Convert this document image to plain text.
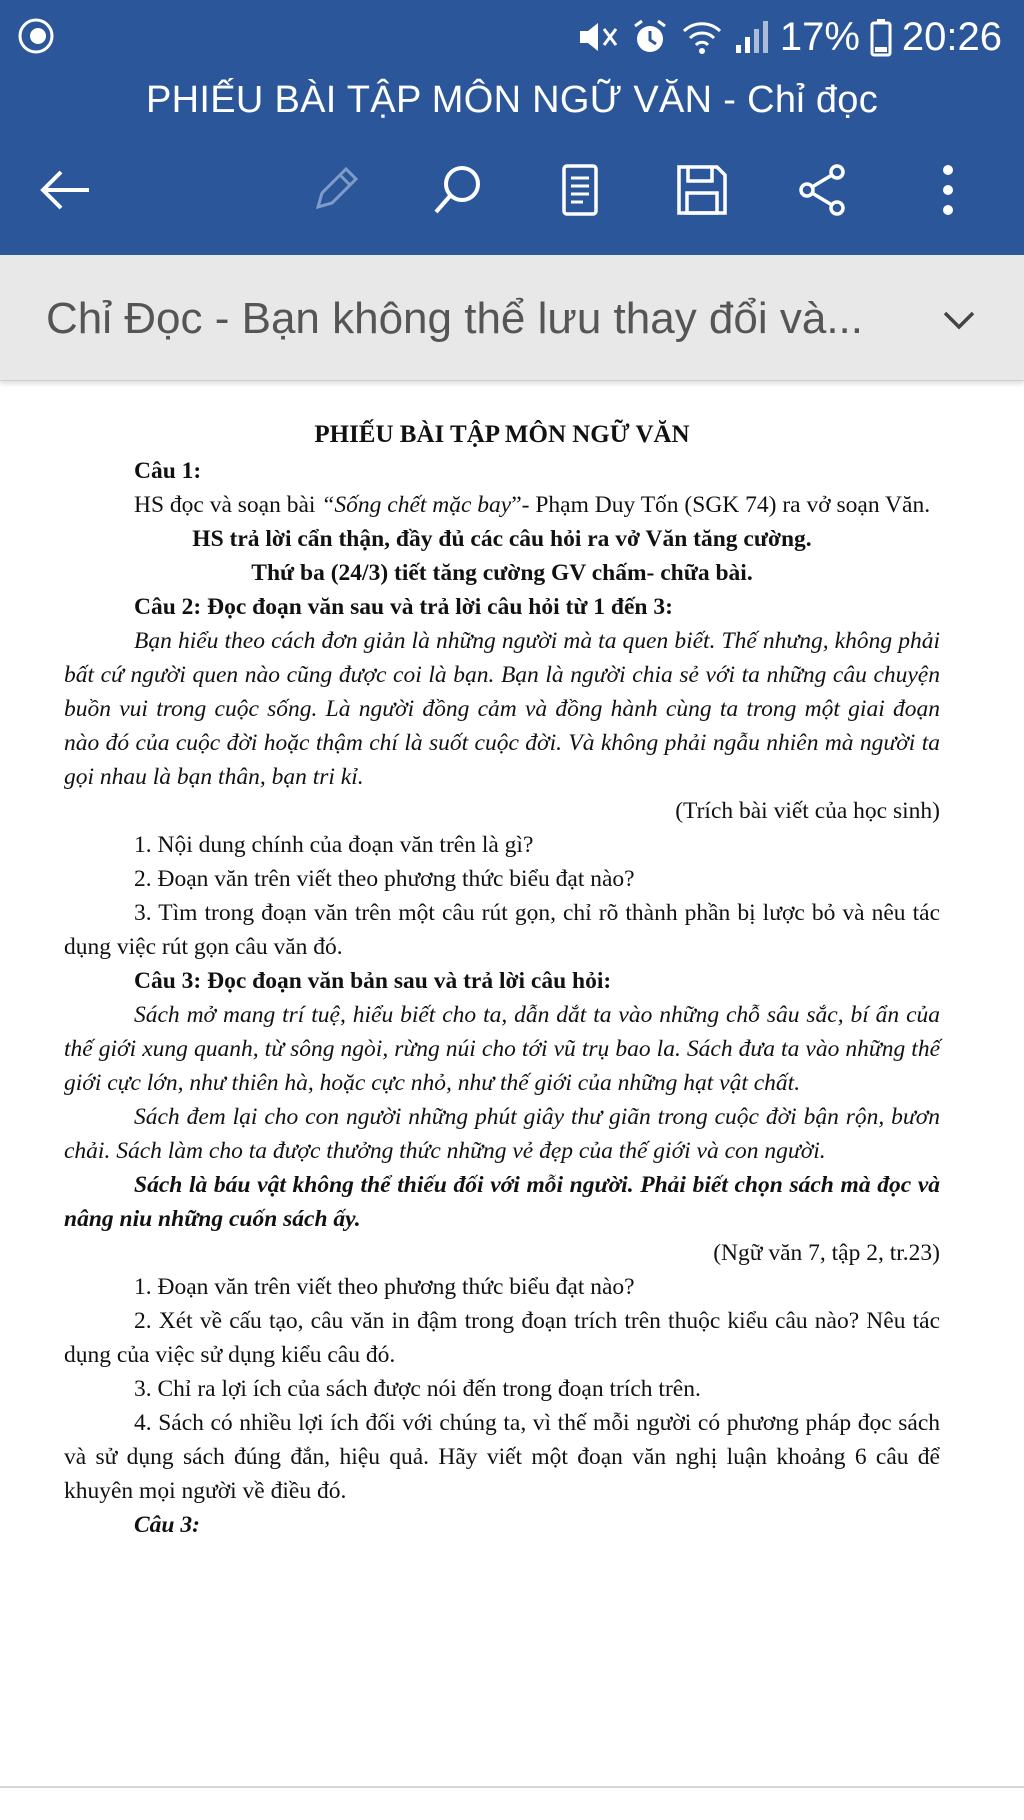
17% 20:26
PHIẾU BÀI TẬP MÔN NGỮ VĂN - Chỉ đọc
Chỉ Đọc - Bạn không thể lưu thay đổi và...

PHIẾU BÀI TẬP MÔN NGỮ VĂN

Câu 1:

HS đọc và soạn bài “Sống chết mặc bay”- Phạm Duy Tốn (SGK 74) ra vở soạn Văn.

HS trả lời cẩn thận, đầy đủ các câu hỏi ra vở Văn tăng cường.

Thứ ba (24/3) tiết tăng cường GV chấm- chữa bài.

Câu 2: Đọc đoạn văn sau và trả lời câu hỏi từ 1 đến 3:

Bạn hiểu theo cách đơn giản là những người mà ta quen biết. Thế nhưng, không phải bất cứ người quen nào cũng được coi là bạn. Bạn là người chia sẻ với ta những câu chuyện buồn vui trong cuộc sống. Là người đồng cảm và đồng hành cùng ta trong một giai đoạn nào đó của cuộc đời hoặc thậm chí là suốt cuộc đời. Và không phải ngẫu nhiên mà người ta gọi nhau là bạn thân, bạn tri kỉ.

(Trích bài viết của học sinh)

1. Nội dung chính của đoạn văn trên là gì?

2. Đoạn văn trên viết theo phương thức biểu đạt nào?

3. Tìm trong đoạn văn trên một câu rút gọn, chỉ rõ thành phần bị lược bỏ và nêu tác dụng việc rút gọn câu văn đó.

Câu 3: Đọc đoạn văn bản sau và trả lời câu hỏi:

Sách mở mang trí tuệ, hiểu biết cho ta, dẫn dắt ta vào những chỗ sâu sắc, bí ẩn của thế giới xung quanh, từ sông ngòi, rừng núi cho tới vũ trụ bao la. Sách đưa ta vào những thế giới cực lớn, như thiên hà, hoặc cực nhỏ, như thế giới của những hạt vật chất.

Sách đem lại cho con người những phút giây thư giãn trong cuộc đời bận rộn, bươn chải. Sách làm cho ta được thưởng thức những vẻ đẹp của thế giới và con người.

Sách là báu vật không thể thiếu đối với mỗi người. Phải biết chọn sách mà đọc và nâng niu những cuốn sách ấy.

(Ngữ văn 7, tập 2, tr.23)

1. Đoạn văn trên viết theo phương thức biểu đạt nào?

2. Xét về cấu tạo, câu văn in đậm trong đoạn trích trên thuộc kiểu câu nào? Nêu tác dụng của việc sử dụng kiểu câu đó.

3. Chỉ ra lợi ích của sách được nói đến trong đoạn trích trên.

4. Sách có nhiều lợi ích đối với chúng ta, vì thế mỗi người có phương pháp đọc sách và sử dụng sách đúng đắn, hiệu quả. Hãy viết một đoạn văn nghị luận khoảng 6 câu để khuyên mọi người về điều đó.

Câu 3:
